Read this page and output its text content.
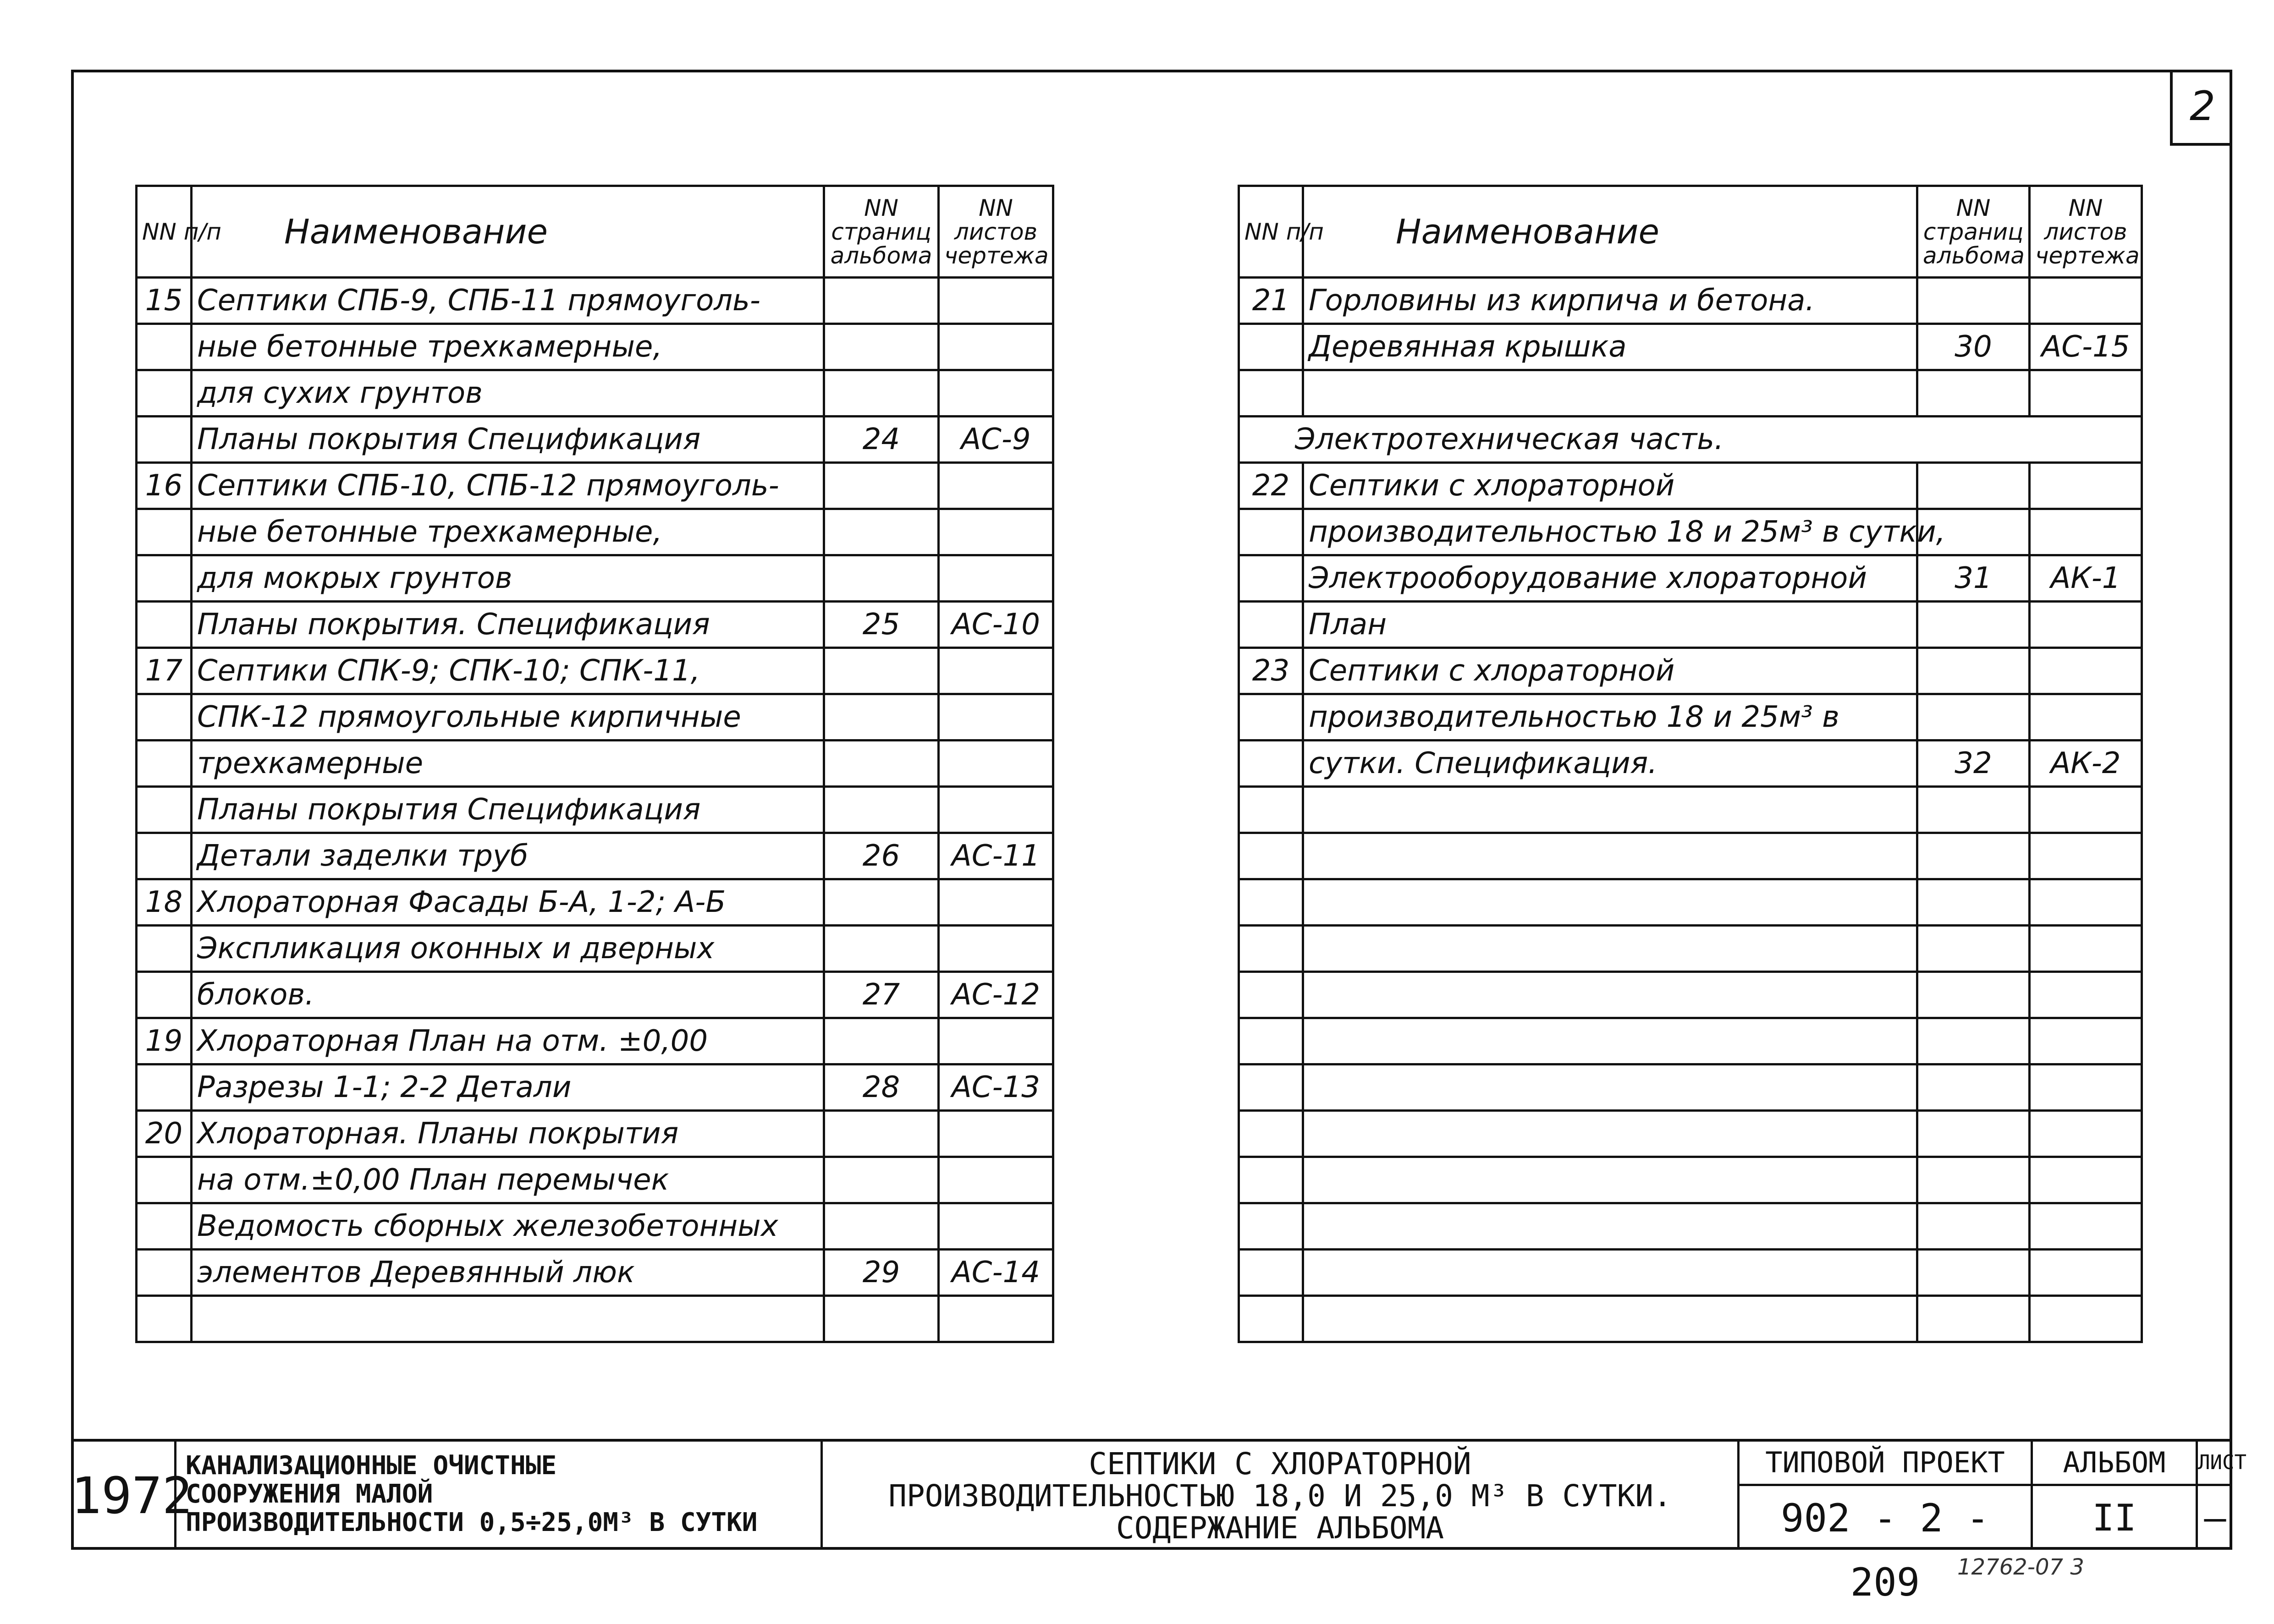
2
NN п/п	Наименование	NN страниц альбома	NN листов чертежа
15	Септики СПБ-9, СПБ-11 прямоуголь-		
	ные бетонные трехкамерные,		
	для сухих грунтов		
	Планы покрытия Спецификация	24	АС-9
16	Септики СПБ-10, СПБ-12 прямоуголь-		
	ные бетонные трехкамерные,		
	для мокрых грунтов		
	Планы покрытия. Спецификация	25	АС-10
17	Септики СПК-9; СПК-10; СПК-11,		
	СПК-12 прямоугольные кирпичные		
	трехкамерные		
	Планы покрытия Спецификация		
	Детали заделки труб	26	АС-11
18	Хлораторная Фасады Б-А, 1-2; А-Б		
	Экспликация оконных и дверных		
	блоков.	27	АС-12
19	Хлораторная План на отм. ±0,00		
	Разрезы 1-1; 2-2 Детали	28	АС-13
20	Хлораторная. Планы покрытия		
	на отм.±0,00 План перемычек		
	Ведомость сборных железобетонных		
	элементов Деревянный люк	29	АС-14

NN п/п	Наименование	NN страниц альбома	NN листов чертежа
21	Горловины из кирпича и бетона.		
	Деревянная крышка	30	АС-15

Электротехническая часть.			
22	Септики с хлораторной		
	производительностью 18 и 25м³ в сутки,		
	Электрооборудование хлораторной	31	АК-1
	План		
23	Септики с хлораторной		
	производительностью 18 и 25м³ в		
	сутки. Спецификация.	32	АК-2

1972
КАНАЛИЗАЦИОННЫЕ ОЧИСТНЫЕ
СООРУЖЕНИЯ МАЛОЙ
ПРОИЗВОДИТЕЛЬНОСТИ 0,5÷25,0М³ В СУТКИ
СЕПТИКИ С ХЛОРАТОРНОЙ
ПРОИЗВОДИТЕЛЬНОСТЬЮ 18,0 И 25,0 М³ В СУТКИ.
СОДЕРЖАНИЕ АЛЬБОМА
ТИПОВОЙ ПРОЕКТ
902 - 2 - 209
АЛЬБОМ
II
ЛИСТ
—
12762-07 3
